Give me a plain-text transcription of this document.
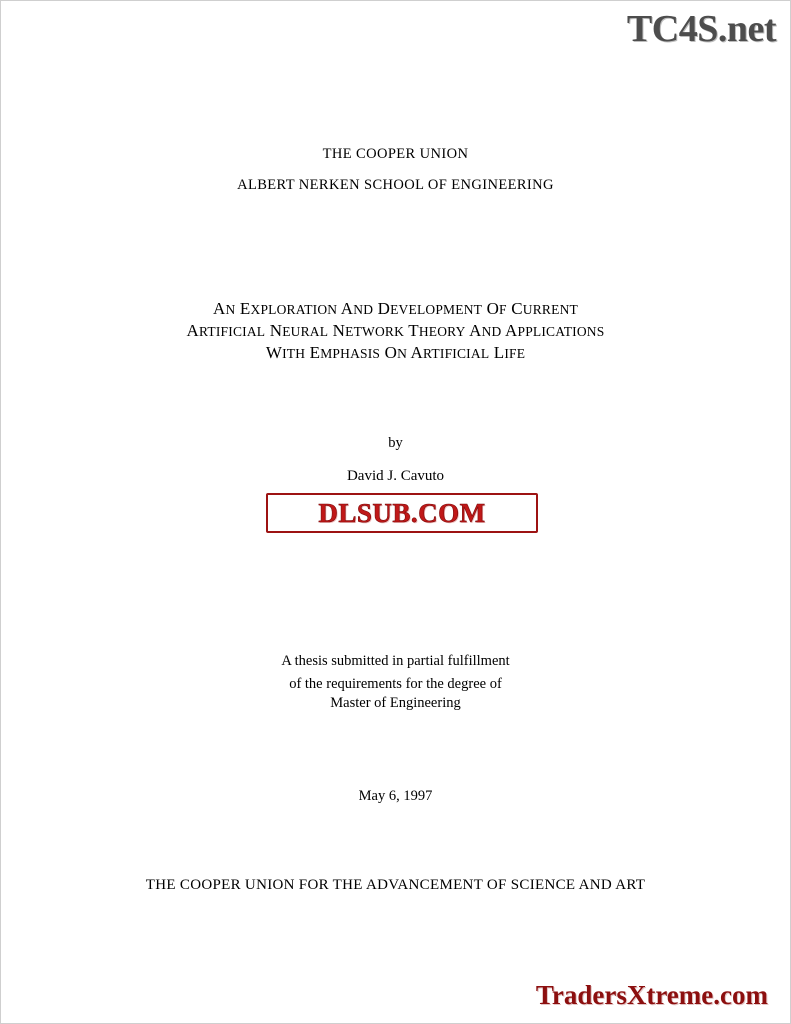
TC4S.net
THE COOPER UNION
ALBERT NERKEN SCHOOL OF ENGINEERING
AN EXPLORATION AND DEVELOPMENT OF CURRENT
ARTIFICIAL NEURAL NETWORK THEORY AND APPLICATIONS
WITH EMPHASIS ON ARTIFICIAL LIFE
by
David J. Cavuto
DLSUB.COM
A thesis submitted in partial fulfillment
of the requirements for the degree of
Master of Engineering
May 6, 1997
THE COOPER UNION FOR THE ADVANCEMENT OF SCIENCE AND ART
TradersXtreme.com
